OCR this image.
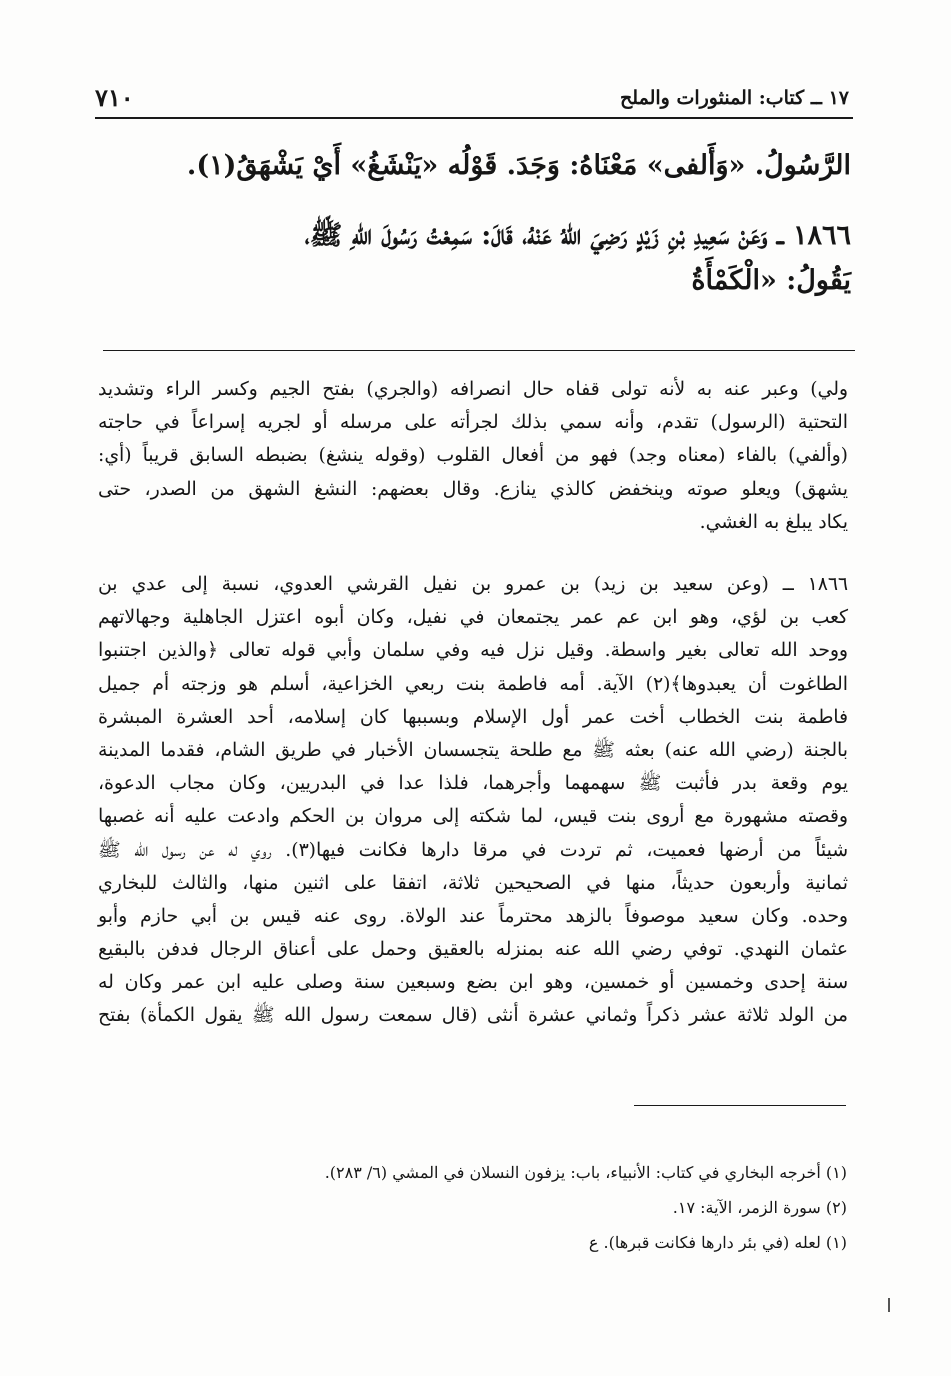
٧١٠	١٧ ــ كتاب: المنثورات والملح
الرَّسُولُ. «وَأَلفى» مَعْنَاهُ: وَجَدَ. قَوْلُه «يَنْشَغُ» أَيْ يَشْهَقُ(١).
١٨٦٦ ــ وَعَنْ سَعِيدِ بْنِ زَيْدٍ رَضِيَ اللّهُ عَنْهُ، قَالَ: سَمِعْتُ رَسُولَ اللّهِ ﷺ،
يَقُولُ: «الْكَمْأَةُ
ولي) وعبر عنه به لأنه تولى قفاه حال انصرافه (والجري) بفتح الجيم وكسر الراء وتشديد
التحتية (الرسول) تقدم، وأنه سمي بذلك لجرأته على مرسله أو لجريه إسراعاً في حاجته
(وألفي) بالفاء (معناه وجد) فهو من أفعال القلوب (وقوله ينشغ) بضبطه السابق قريباً (أي:
يشهق) ويعلو صوته وينخفض كالذي ينازع. وقال بعضهم: النشغ الشهق من الصدر، حتى
يكاد يبلغ به الغشي.
١٨٦٦ ــ (وعن سعيد بن زيد) بن عمرو بن نفيل القرشي العدوي، نسبة إلى عدي بن
كعب بن لؤي، وهو ابن عم عمر يجتمعان في نفيل، وكان أبوه اعتزل الجاهلية وجهالاتهم
ووحد الله تعالى بغير واسطة. وقيل نزل فيه وفي سلمان وأبي قوله تعالى ﴿والذين اجتنبوا
الطاغوت أن يعبدوها﴾(٢) الآية. أمه فاطمة بنت ربعي الخزاعية، أسلم هو وزجته أم جميل
فاطمة بنت الخطاب أخت عمر أول الإسلام وبسببها كان إسلامه، أحد العشرة المبشرة
بالجنة (رضي الله عنه) بعثه ﷺ مع طلحة يتجسسان الأخبار في طريق الشام، فقدما المدينة
يوم وقعة بدر فأثبت ﷺ سهمهما وأجرهما، فلذا عدا في البدريين، وكان مجاب الدعوة،
وقصته مشهورة مع أروى بنت قيس، لما شكته إلى مروان بن الحكم وادعت عليه أنه غصبها
شيئاً من أرضها فعميت، ثم تردت في مرقا دارها فكانت فيها(٣). روي له عن رسول الله ﷺ
ثمانية وأربعون حديثاً، منها في الصحيحين ثلاثة، اتفقا على اثنين منها، والثالث للبخاري
وحده. وكان سعيد موصوفاً بالزهد محترماً عند الولاة. روى عنه قيس بن أبي حازم وأبو
عثمان النهدي. توفي رضي الله عنه بمنزله بالعقيق وحمل على أعناق الرجال فدفن بالبقيع
سنة إحدى وخمسين أو خمسين، وهو ابن بضع وسبعين سنة وصلى عليه ابن عمر وكان له
من الولد ثلاثة عشر ذكراً وثماني عشرة أنثى (قال سمعت رسول الله ﷺ يقول الكمأة) بفتح
(١) أخرجه البخاري في كتاب: الأنبياء، باب: يزفون النسلان في المشي (٦/ ٢٨٣).
(٢) سورة الزمر، الآية: ١٧.
(١) لعله (في بئر دارها فكانت قبرها). ع
